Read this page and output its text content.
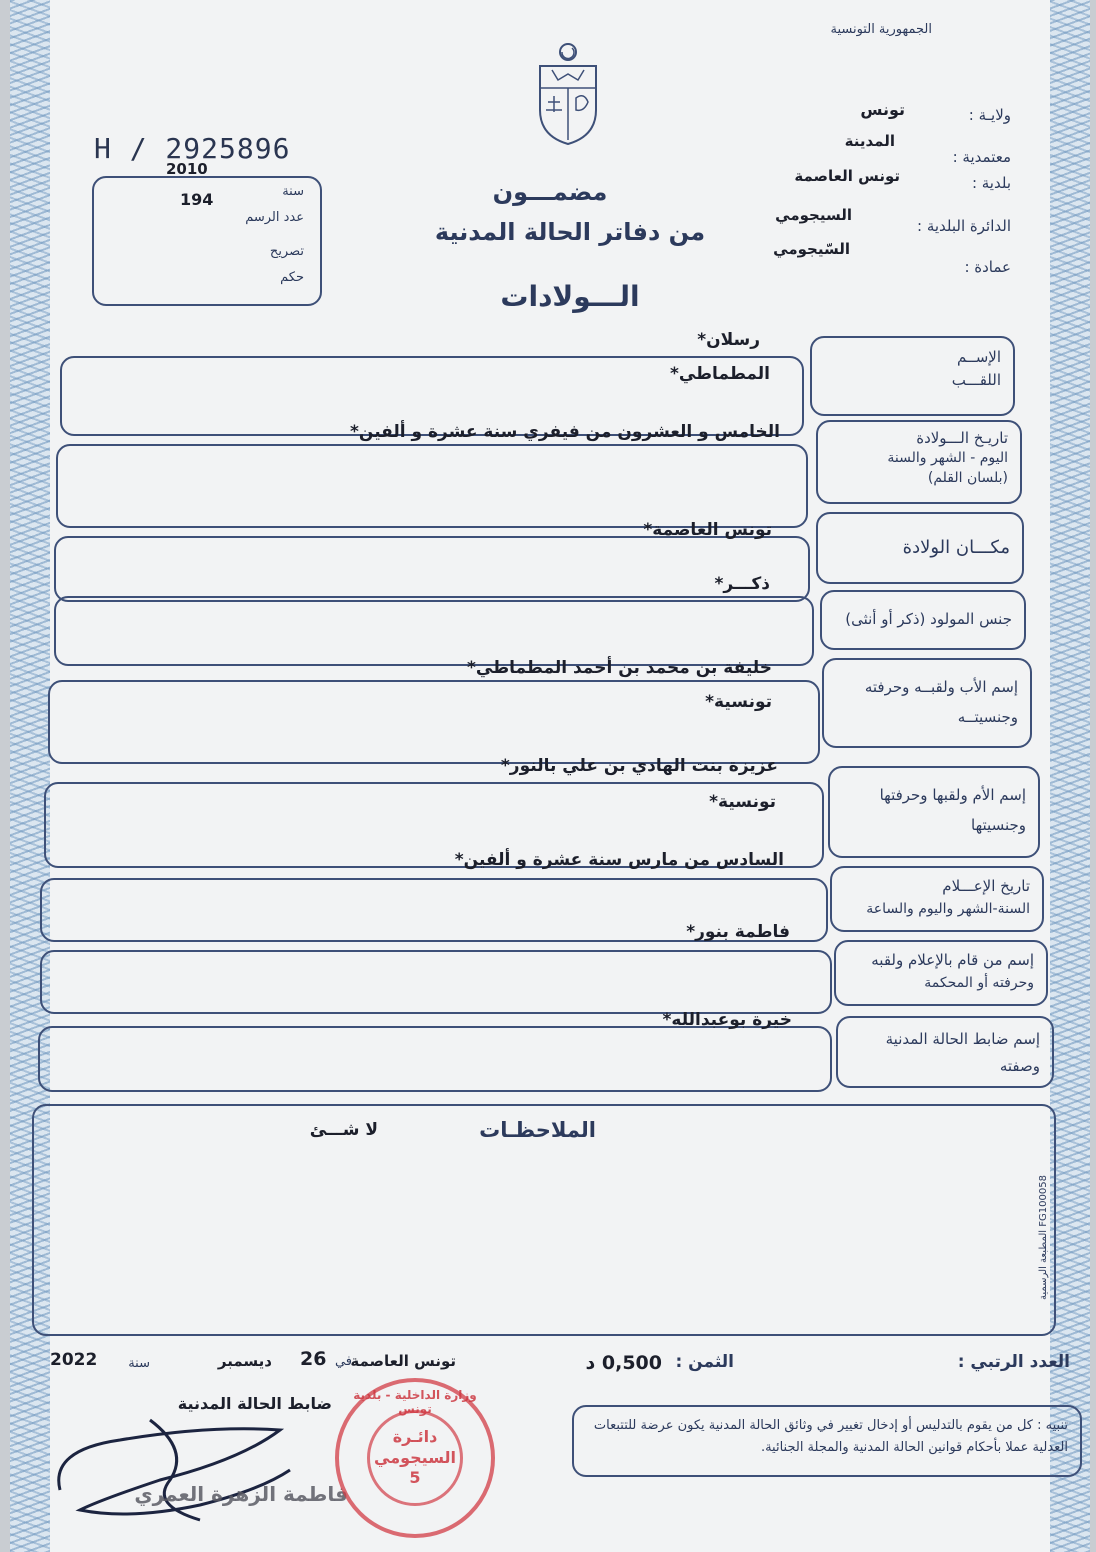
الجمهورية التونسية
ولايـة :
تونس
المدينة
معتمدية :
بلدية :
تونس العاصمة
الدائرة البلدية :
السيجومي
عمادة :
السّيجومي
H / 2925896
2010
سنة
194
عدد الرسم
تصريح
حكم
مضمـــون
من دفاتر الحالة المدنية
الـــولادات
الإســم
اللقـــب
رسلان*
المطماطي*
تاريـخ الـــولادة
اليوم - الشهر والسنة
(بلسان القلم)
الخامس و العشرون من فيفري سنة عشرة و ألفين*
مكـــان الولادة
تونس العاصمة*
جنس المولود (ذكر أو أنثى)
ذكـــر*
إسم الأب ولقبــه وحرفته
وجنسيتــه
خليفة بن محمد بن أحمد المطماطي*
تونسية*
إسم الأم ولقبها وحرفتها
وجنسيتها
عزيزة بنت الهادي بن علي بالنور*
تونسية*
تاريخ الإعـــلام
السنة-الشهر واليوم والساعة
السادس من مارس سنة عشرة و ألفين*
إسم من قام بالإعلام ولقبه
وحرفته أو المحكمة
فاطمة بنور*
إسم ضابط الحالة المدنية
وصفته
خيرة بوعبدالله*
الملاحظـات
لا شـــئ
المطبعة الرسمية FG100058
العدد الرتبي :
الثمن :
0,500 د
تونس العاصمة
في
26
ديسمبر
سنة
2022
ضابط الحالة المدنية
فاطمة الزهرة العمري
وزارة الداخلية - بلدية تونس
دائـرة
السيجومي
5
تنبيه : كل من يقوم بالتدليس أو إدخال تغيير في وثائق الحالة المدنية يكون عرضة للتتبعات العدلية عملا بأحكام قوانين الحالة المدنية والمجلة الجنائية.
